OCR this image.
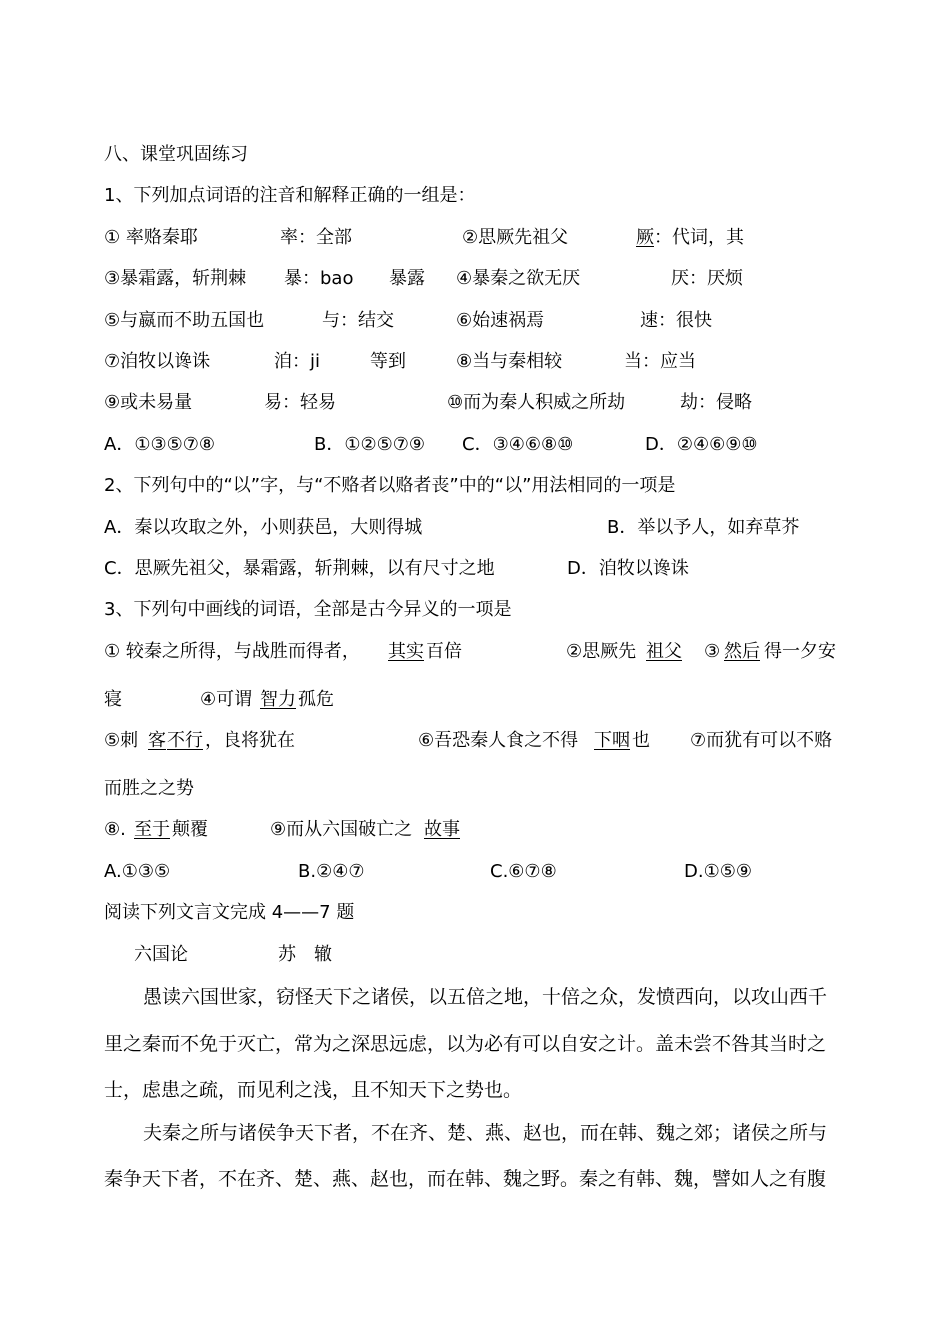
八、课堂巩固练习
1、下列加点词语的注音和解释正确的一组是：
① 率赂秦耶	率：全部	②思厥先祖父	厥 ：代词，其
③暴霜露，斩荆棘 暴：bao 暴露 ④暴秦之欲无厌	厌：厌烦
⑤与嬴而不助五国也	与：结交	⑥始速祸焉	速：很快
⑦洎牧以谗诛	洎：ji	等到	⑧当与秦相较	当：应当
⑨或未易量	易：轻易	⑩而为秦人积威之所劫	劫：侵略
A．①③⑤⑦⑧	B．①②⑤⑦⑨ C．③④⑥⑧⑩	D．②④⑥⑨⑩
2、下列句中的“以”字，与“不赂者以赂者丧”中的“以”用法相同的一项是
A．秦以攻取之外，小则获邑，大则得城	B．举以予人，如弃草芥
C．思厥先祖父，暴霜露，斩荆棘，以有尺寸之地	D．洎牧以谗诛
3、下列句中画线的词语，全部是古今异义的一项是
① 较秦之所得，与战胜而得者， 其实 百倍	②思厥先 祖父 ③ 然后 得一夕安
寝	④可谓 智力 孤危
⑤刺 客 不行 ，良将犹在	⑥吾恐秦人食之不得 下咽 也 ⑦而犹有可以不赂
而胜之之势
⑧. 至于 颠覆	⑨而从六国破亡之 故事
A.①③⑤	B.②④⑦	C.⑥⑦⑧	D.①⑤⑨
阅读下列文言文完成 4——7 题
六国论	苏　辙
愚读六国世家，窃怪天下之诸侯，以五倍之地，十倍之众，发愤西向，以攻山西千
里之秦而不免于灭亡，常为之深思远虑，以为必有可以自安之计。盖未尝不咎其当时之
士，虑患之疏，而见利之浅，且不知天下之势也。
夫秦之所与诸侯争天下者，不在齐、楚、燕、赵也，而在韩、魏之郊；诸侯之所与
秦争天下者，不在齐、楚、燕、赵也，而在韩、魏之野。秦之有韩、魏，譬如人之有腹
